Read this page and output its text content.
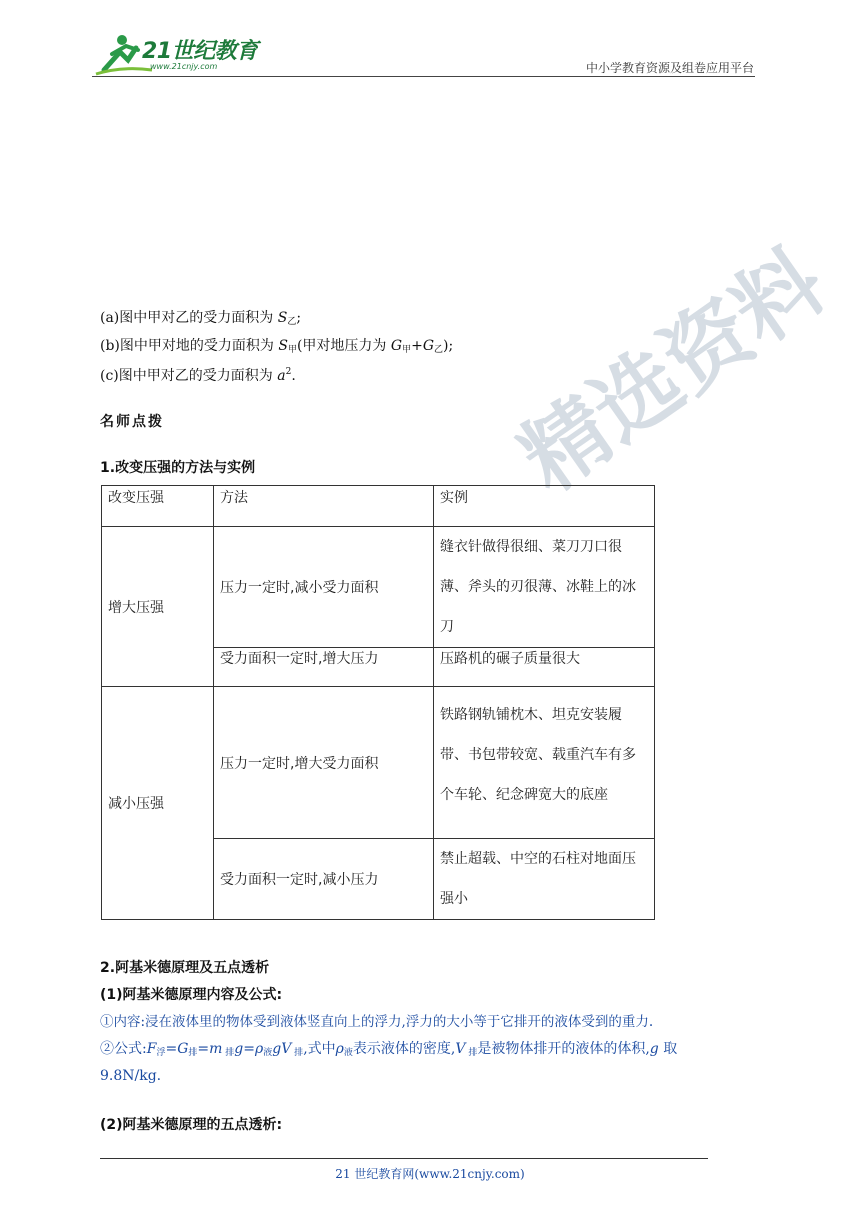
21世纪教育
www.21cnjy.com	中小学教育资源及组卷应用平台
精选资料
(a)图中甲对乙的受力面积为 $S_乙$;
(b)图中甲对地的受力面积为 $S_甲$(甲对地压力为 $G_甲+G_乙$);
(c)图中甲对乙的受力面积为 $a^2$.
名师点拨
1.改变压强的方法与实例
改变压强	方法	实例
增大压强	压力一定时,减小受力面积	缝衣针做得很细、菜刀刀口很薄、斧头的刃很薄、冰鞋上的冰刀
	受力面积一定时,增大压力	压路机的碾子质量很大
减小压强	压力一定时,增大受力面积	铁路钢轨铺枕木、坦克安装履带、书包带较宽、载重汽车有多个车轮、纪念碑宽大的底座
	受力面积一定时,减小压力	禁止超载、中空的石柱对地面压强小
2.阿基米德原理及五点透析
(1)阿基米德原理内容及公式:
①内容:浸在液体里的物体受到液体竖直向上的浮力,浮力的大小等于它排开的液体受到的重力.
②公式$:F_浮=G_排=m$ $_排g=\rho_液gV$ $_排$,式中$\rho_液$表示液体的密度,V $_排$是被物体排开的液体的体积,g 取
9.8N/kg.
(2)阿基米德原理的五点透析:
21 世纪教育网(www.21cnjy.com)
